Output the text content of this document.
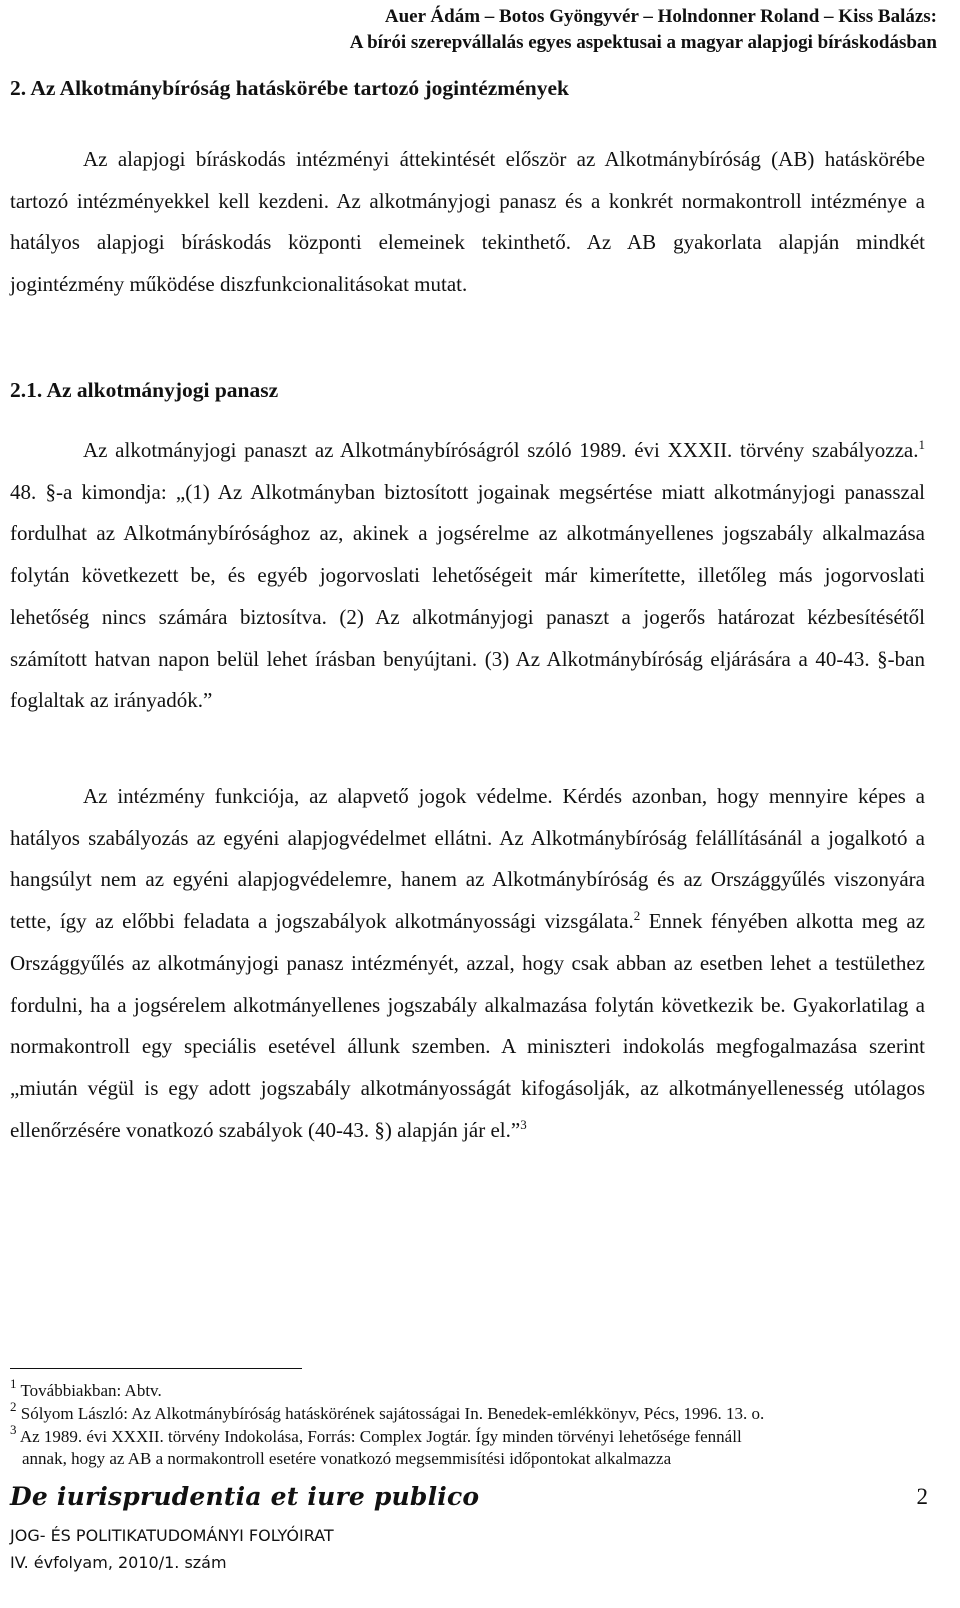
Auer Ádám – Botos Gyöngyvér – Holndonner Roland – Kiss Balázs:
A bírói szerepvállalás egyes aspektusai a magyar alapjogi bíráskodásban
2. Az Alkotmánybíróság hatáskörébe tartozó jogintézmények

Az alapjogi bíráskodás intézményi áttekintését először az Alkotmánybíróság (AB) hatáskörébe tartozó intézményekkel kell kezdeni. Az alkotmányjogi panasz és a konkrét normakontroll intézménye a hatályos alapjogi bíráskodás központi elemeinek tekinthető. Az AB gyakorlata alapján mindkét jogintézmény működése diszfunkcionalitásokat mutat.

2.1. Az alkotmányjogi panasz

Az alkotmányjogi panaszt az Alkotmánybíróságról szóló 1989. évi XXXII. törvény szabályozza.$^1$ 48. §-a kimondja: „(1) Az Alkotmányban biztosított jogainak megsértése miatt alkotmányjogi panasszal fordulhat az Alkotmánybírósághoz az, akinek a jogsérelme az alkotmányellenes jogszabály alkalmazása folytán következett be, és egyéb jogorvoslati lehetőségeit már kimerítette, illetőleg más jogorvoslati lehetőség nincs számára biztosítva. (2) Az alkotmányjogi panaszt a jogerős határozat kézbesítésétől számított hatvan napon belül lehet írásban benyújtani. (3) Az Alkotmánybíróság eljárására a 40-43. §-ban foglaltak az irányadók.”

Az intézmény funkciója, az alapvető jogok védelme. Kérdés azonban, hogy mennyire képes a hatályos szabályozás az egyéni alapjogvédelmet ellátni. Az Alkotmánybíróság felállításánál a jogalkotó a hangsúlyt nem az egyéni alapjogvédelemre, hanem az Alkotmánybíróság és az Országgyűlés viszonyára tette, így az előbbi feladata a jogszabályok alkotmányossági vizsgálata.$^2$ Ennek fényében alkotta meg az Országgyűlés az alkotmányjogi panasz intézményét, azzal, hogy csak abban az esetben lehet a testülethez fordulni, ha a jogsérelem alkotmányellenes jogszabály alkalmazása folytán következik be. Gyakorlatilag a normakontroll egy speciális esetével állunk szemben. A miniszteri indokolás megfogalmazása szerint „miután végül is egy adott jogszabály alkotmányosságát kifogásolják, az alkotmányellenesség utólagos ellenőrzésére vonatkozó szabályok (40-43. §) alapján jár el.”$^3$

$^1$ Továbbiakban: Abtv.

$^2$ Sólyom László: Az Alkotmánybíróság hatáskörének sajátosságai In. Benedek-emlékkönyv, Pécs, 1996. 13. o.

$^3$ Az 1989. évi XXXII. törvény Indokolása, Forrás: Complex Jogtár. Így minden törvényi lehetősége fennáll

annak, hogy az AB a normakontroll esetére vonatkozó megsemmisítési időpontokat alkalmazza

De iurisprudentia et iure publico	2
JOG- ÉS POLITIKATUDOMÁNYI FOLYÓIRAT
IV. évfolyam, 2010/1. szám
